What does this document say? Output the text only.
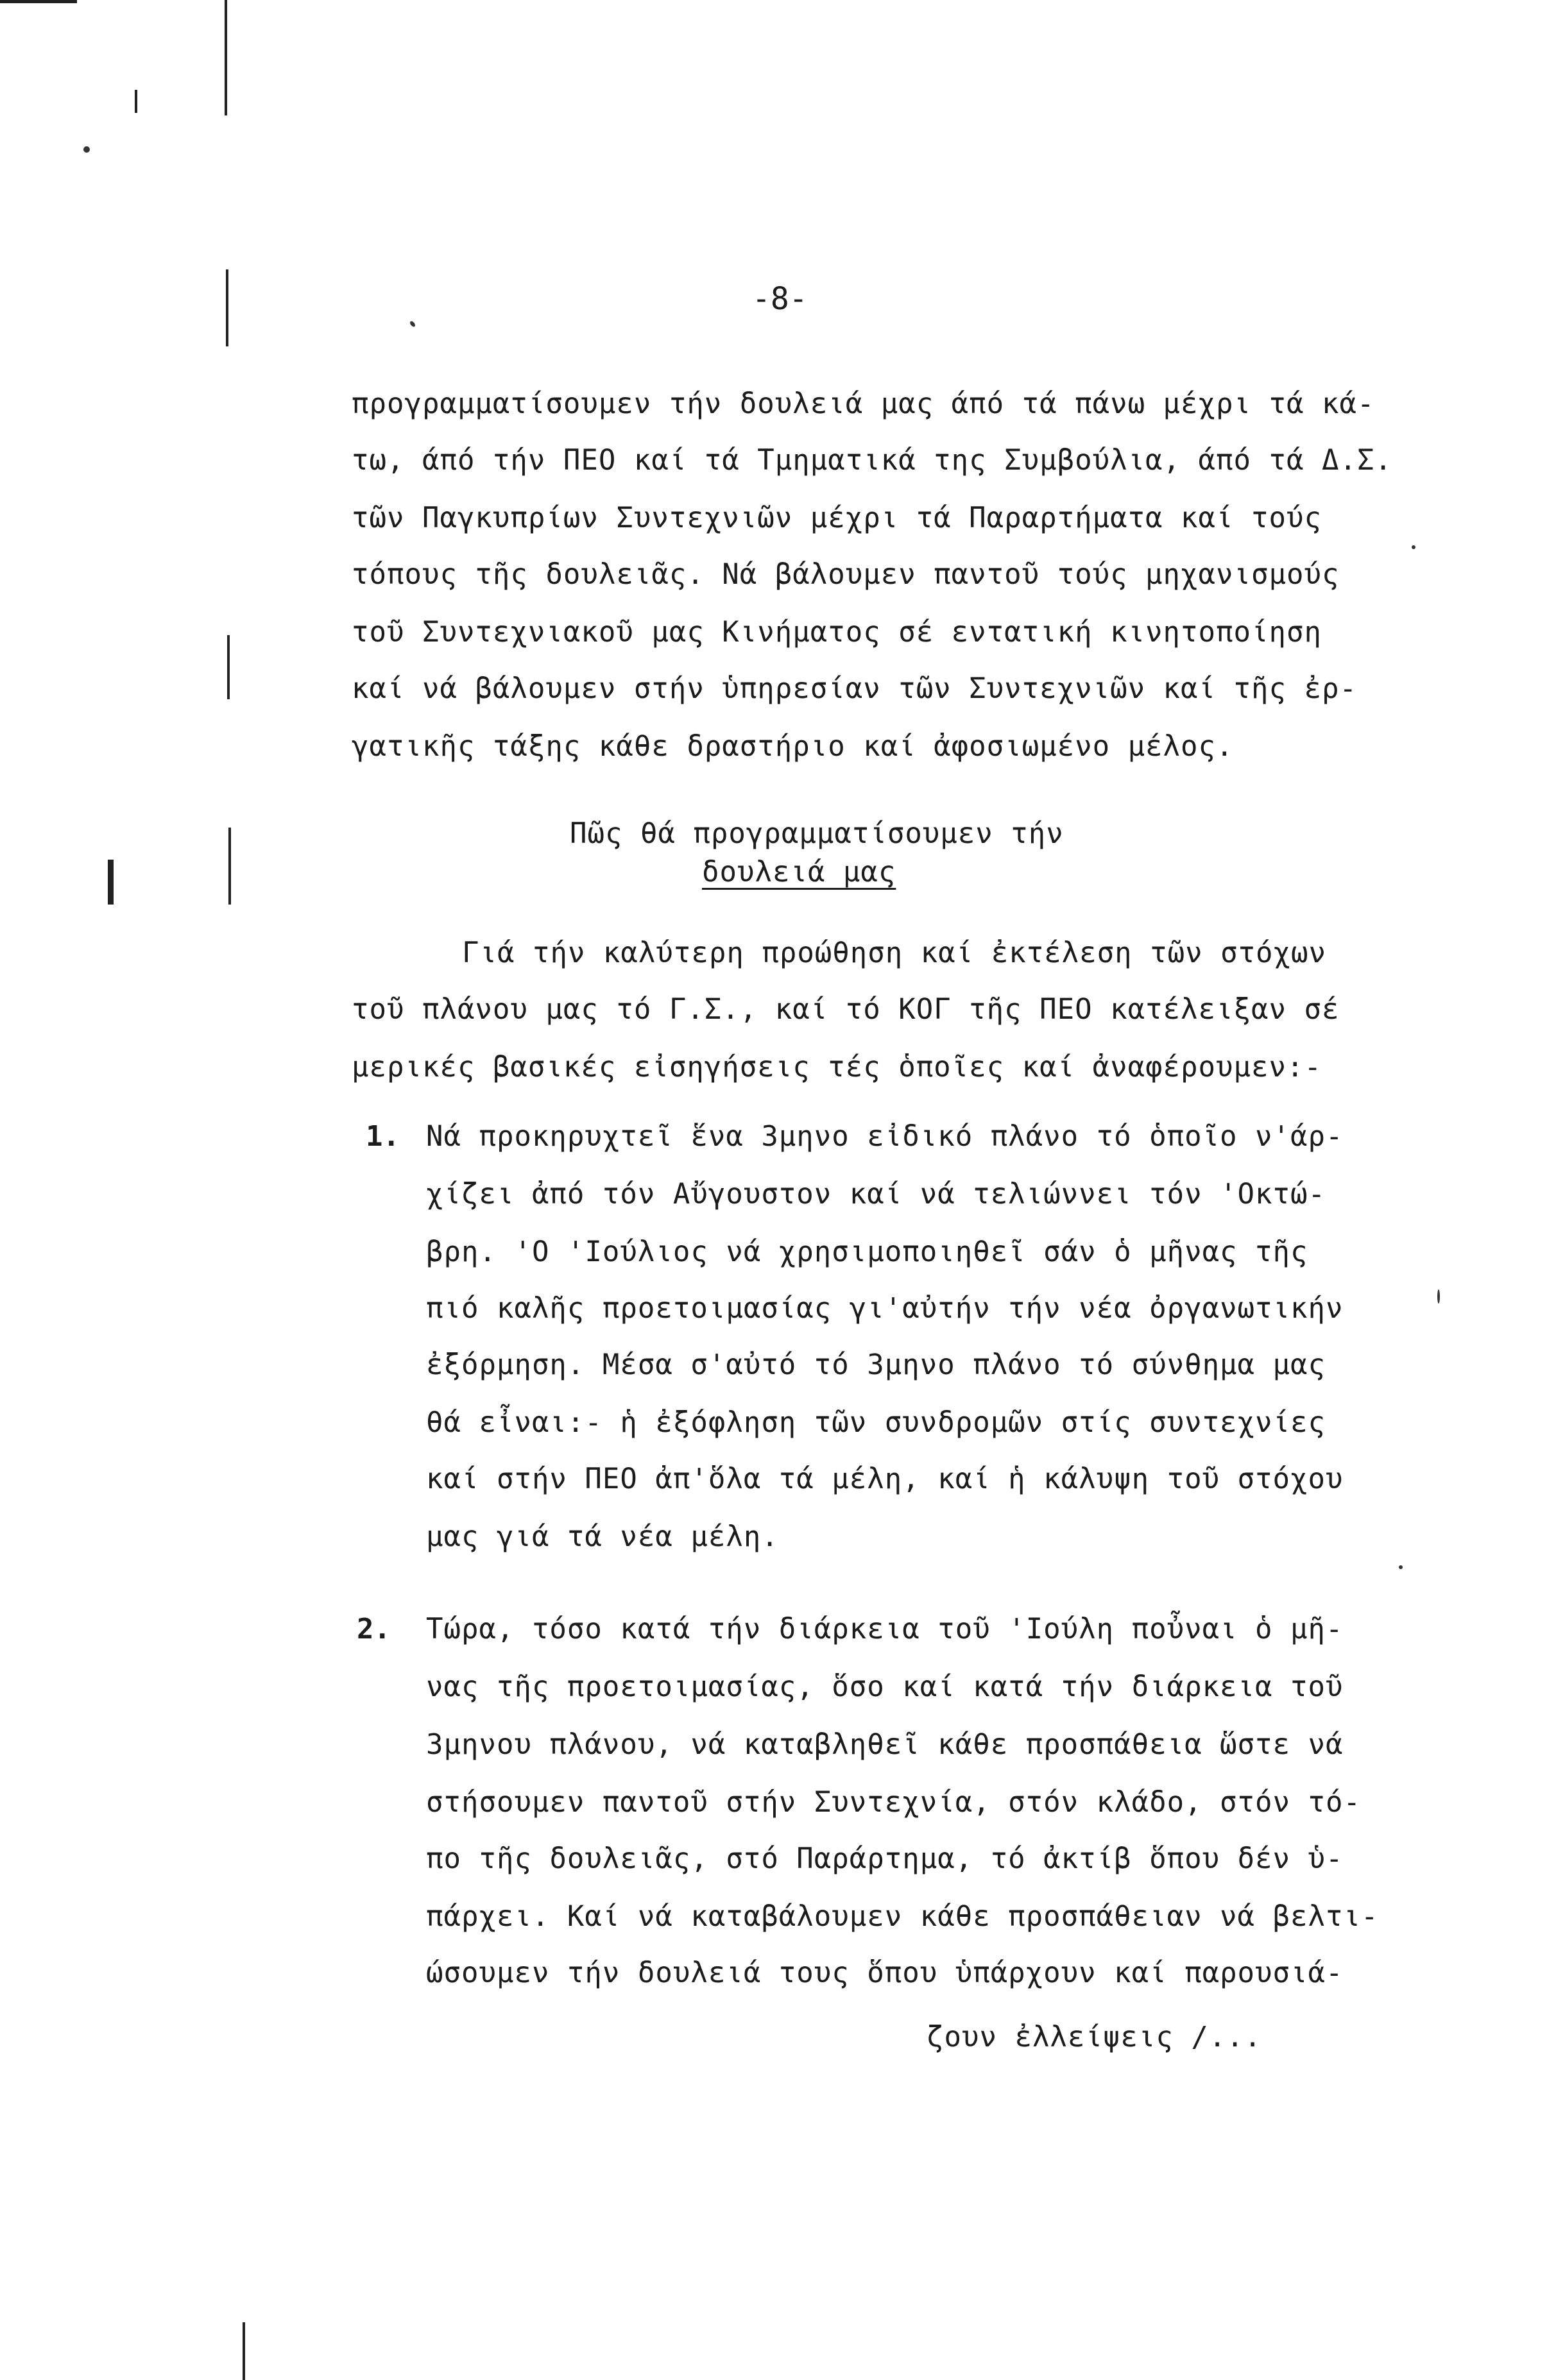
-8-
προγραμματίσουμεν τήν δουλειά μας άπό τά πάνω μέχρι τά κά-
τω, άπό τήν ΠΕΟ καί τά Τμηματικά της Συμβούλια, άπό τά Δ.Σ.
τῶν Παγκυπρίων Συντεχνιῶν μέχρι τά Παραρτήματα καί τούς
τόπους τῆς δουλειᾶς. Νά βάλουμεν παντοῦ τούς μηχανισμούς
τοῦ Συντεχνιακοῦ μας Κινήματος σέ εντατική κινητοποίηση
καί νά βάλουμεν στήν ὑπηρεσίαν τῶν Συντεχνιῶν καί τῆς ἐρ-
γατικῆς τάξης κάθε δραστήριο καί ἀφοσιωμένο μέλος.
Πῶς θά προγραμματίσουμεν τήν
δουλειά μας
Γιά τήν καλύτερη προώθηση καί ἐκτέλεση τῶν στόχων
τοῦ πλάνου μας τό Γ.Σ., καί τό ΚΟΓ τῆς ΠΕΟ κατέλειξαν σέ
μερικές βασικές εἰσηγήσεις τές ὁποῖες καί ἀναφέρουμεν:-
1. Νά προκηρυχτεῖ ἕνα 3μηνο εἰδικό πλάνο τό ὁποῖο ν'άρ-
χίζει ἀπό τόν Αὔγουστον καί νά τελιώννει τόν 'Οκτώ-
βρη. 'Ο 'Ιούλιος νά χρησιμοποιηθεῖ σάν ὁ μῆνας τῆς
πιό καλῆς προετοιμασίας γι'αὐτήν τήν νέα ὀργανωτικήν
ἐξόρμηση. Μέσα σ'αὐτό τό 3μηνο πλάνο τό σύνθημα μας
θά εἶναι:- ἡ ἐξόφληση τῶν συνδρομῶν στίς συντεχνίες
καί στήν ΠΕΟ ἀπ'ὅλα τά μέλη, καί ἡ κάλυψη τοῦ στόχου
μας γιά τά νέα μέλη.
2. Τώρα, τόσο κατά τήν διάρκεια τοῦ 'Ιούλη ποὖναι ὁ μῆ-
νας τῆς προετοιμασίας, ὅσο καί κατά τήν διάρκεια τοῦ
3μηνου πλάνου, νά καταβληθεῖ κάθε προσπάθεια ὥστε νά
στήσουμεν παντοῦ στήν Συντεχνία, στόν κλάδο, στόν τό-
πο τῆς δουλειᾶς, στό Παράρτημα, τό ἀκτίβ ὅπου δέν ὑ-
πάρχει. Καί νά καταβάλουμεν κάθε προσπάθειαν νά βελτι-
ώσουμεν τήν δουλειά τους ὅπου ὑπάρχουν καί παρουσιά-
ζουν ἐλλείψεις /...
